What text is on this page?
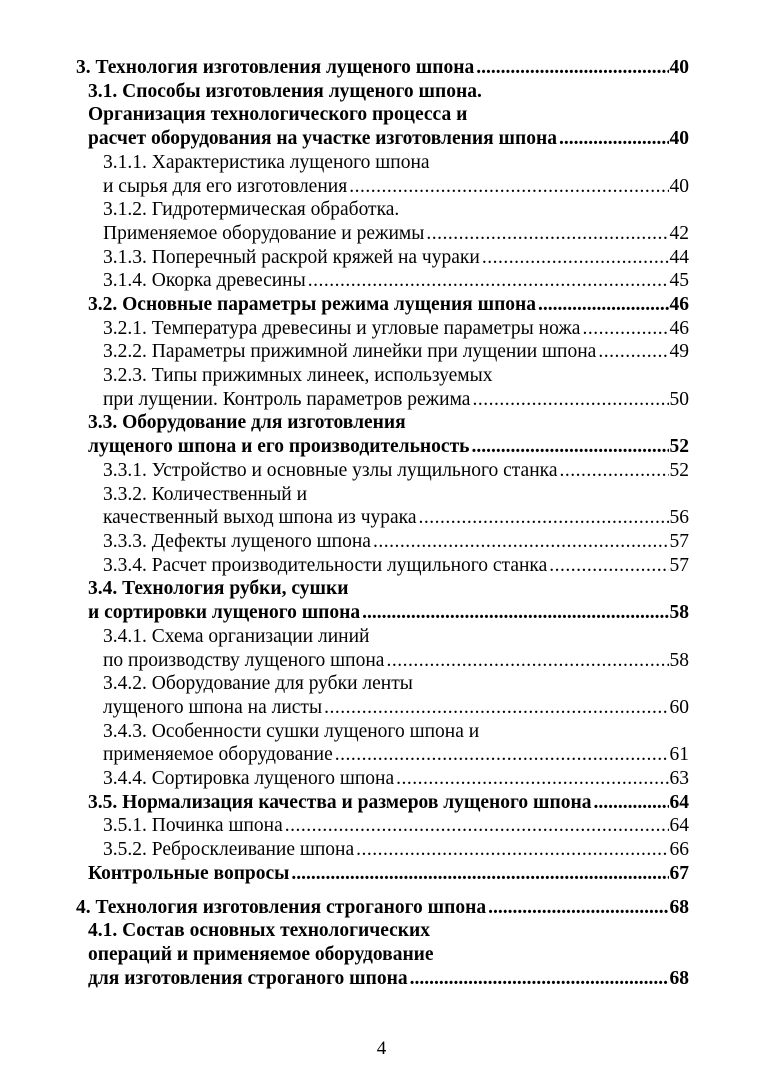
3. Технология изготовления лущеного шпона .....	40
3.1. Способы изготовления лущеного шпона.
Организация технологического процесса и
расчет оборудования на участке изготовления шпона .....	40
3.1.1. Характеристика лущеного шпона
и сырья для его изготовления .....	40
3.1.2. Гидротермическая обработка.
Применяемое оборудование и режимы .....	42
3.1.3. Поперечный раскрой кряжей на чураки .....	44
3.1.4. Окорка древесины .....	45
3.2. Основные параметры режима лущения шпона .....	46
3.2.1. Температура древесины и угловые параметры ножа .....	46
3.2.2. Параметры прижимной линейки при лущении шпона .....	49
3.2.3. Типы прижимных линеек, используемых
при лущении. Контроль параметров режима .....	50
3.3. Оборудование для изготовления
лущеного шпона и его производительность .....	52
3.3.1. Устройство и основные узлы лущильного станка .....	52
3.3.2. Количественный и
качественный выход шпона из чурака .....	56
3.3.3. Дефекты лущеного шпона .....	57
3.3.4. Расчет производительности лущильного станка .....	57
3.4. Технология рубки, сушки
и сортировки лущеного шпона .....	58
3.4.1. Схема организации линий
по производству лущеного шпона .....	58
3.4.2. Оборудование для рубки ленты
лущеного шпона на листы .....	60
3.4.3. Особенности сушки лущеного шпона и
применяемое оборудование .....	61
3.4.4. Сортировка лущеного шпона .....	63
3.5. Нормализация качества и размеров лущеного шпона .....	64
3.5.1. Починка шпона .....	64
3.5.2. Ребросклеивание шпона .....	66
Контрольные вопросы .....	67
4. Технология изготовления строганого шпона .....	68
4.1. Состав основных технологических
операций и применяемое оборудование
для изготовления строганого шпона .....	68
4
